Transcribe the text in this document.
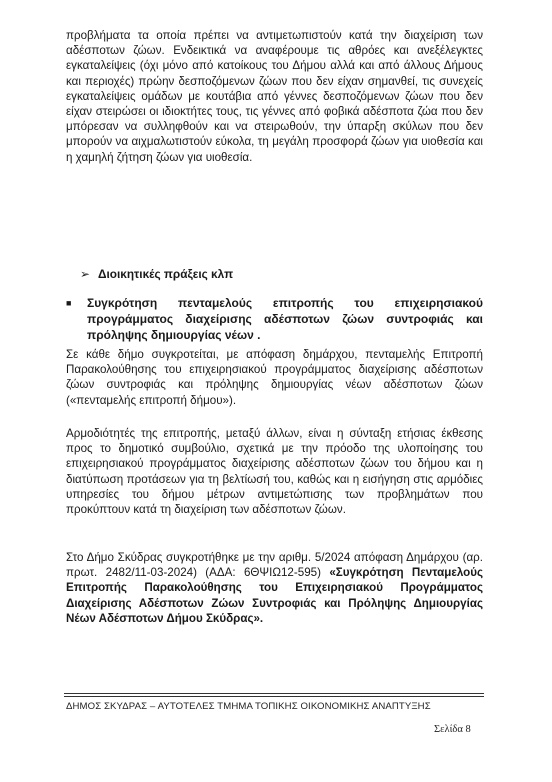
προβλήματα τα οποία πρέπει να αντιμετωπιστούν κατά την διαχείριση των αδέσποτων ζώων. Ενδεικτικά να αναφέρουμε τις αθρόες και ανεξέλεγκτες εγκαταλείψεις (όχι μόνο από κατοίκους του Δήμου αλλά και από άλλους Δήμους και περιοχές) πρώην δεσποζόμενων ζώων που δεν είχαν σημανθεί, τις συνεχείς εγκαταλείψεις ομάδων με κουτάβια από γέννες δεσποζόμενων ζώων που δεν είχαν στειρώσει οι ιδιοκτήτες τους, τις γέννες από φοβικά αδέσποτα ζώα που δεν μπόρεσαν να συλληφθούν και να στειρωθούν, την ύπαρξη σκύλων που δεν μπορούν να αιχμαλωτιστούν εύκολα, τη μεγάλη προσφορά ζώων για υιοθεσία και η χαμηλή ζήτηση ζώων για υιοθεσία.

➢ Διοικητικές πράξεις κλπ

■	Συγκρότηση πενταμελούς επιτροπής του επιχειρησιακού προγράμματος διαχείρισης αδέσποτων ζώων συντροφιάς και πρόληψης δημιουργίας νέων .

Σε κάθε δήμο συγκροτείται, με απόφαση δημάρχου, πενταμελής Επιτροπή Παρακολούθησης του επιχειρησιακού προγράμματος διαχείρισης αδέσποτων ζώων συντροφιάς και πρόληψης δημιουργίας νέων αδέσποτων ζώων («πενταμελής επιτροπή δήμου»).

Αρμοδιότητές της επιτροπής, μεταξύ άλλων, είναι η σύνταξη ετήσιας έκθεσης προς το δημοτικό συμβούλιο, σχετικά με την πρόοδο της υλοποίησης του επιχειρησιακού προγράμματος διαχείρισης αδέσποτων ζώων του δήμου και η διατύπωση προτάσεων για τη βελτίωσή του, καθώς και η εισήγηση στις αρμόδιες υπηρεσίες του δήμου μέτρων αντιμετώπισης των προβλημάτων που προκύπτουν κατά τη διαχείριση των αδέσποτων ζώων.

Στο Δήμο Σκύδρας συγκροτήθηκε με την αριθμ. 5/2024 απόφαση Δημάρχου (αρ. πρωτ. 2482/11-03-2024) (ΑΔΑ: 6ΘΨΙΩ12-595) «Συγκρότηση Πενταμελούς Επιτροπής Παρακολούθησης του Επιχειρησιακού Προγράμματος Διαχείρισης Αδέσποτων Ζώων Συντροφιάς και Πρόληψης Δημιουργίας Νέων Αδέσποτων Δήμου Σκύδρας».

ΔΗΜΟΣ ΣΚΥΔΡΑΣ – ΑΥΤΟΤΕΛΕΣ ΤΜΗΜΑ ΤΟΠΙΚΗΣ ΟΙΚΟΝΟΜΙΚΗΣ ΑΝΑΠΤΥΞΗΣ
Σελίδα 8
